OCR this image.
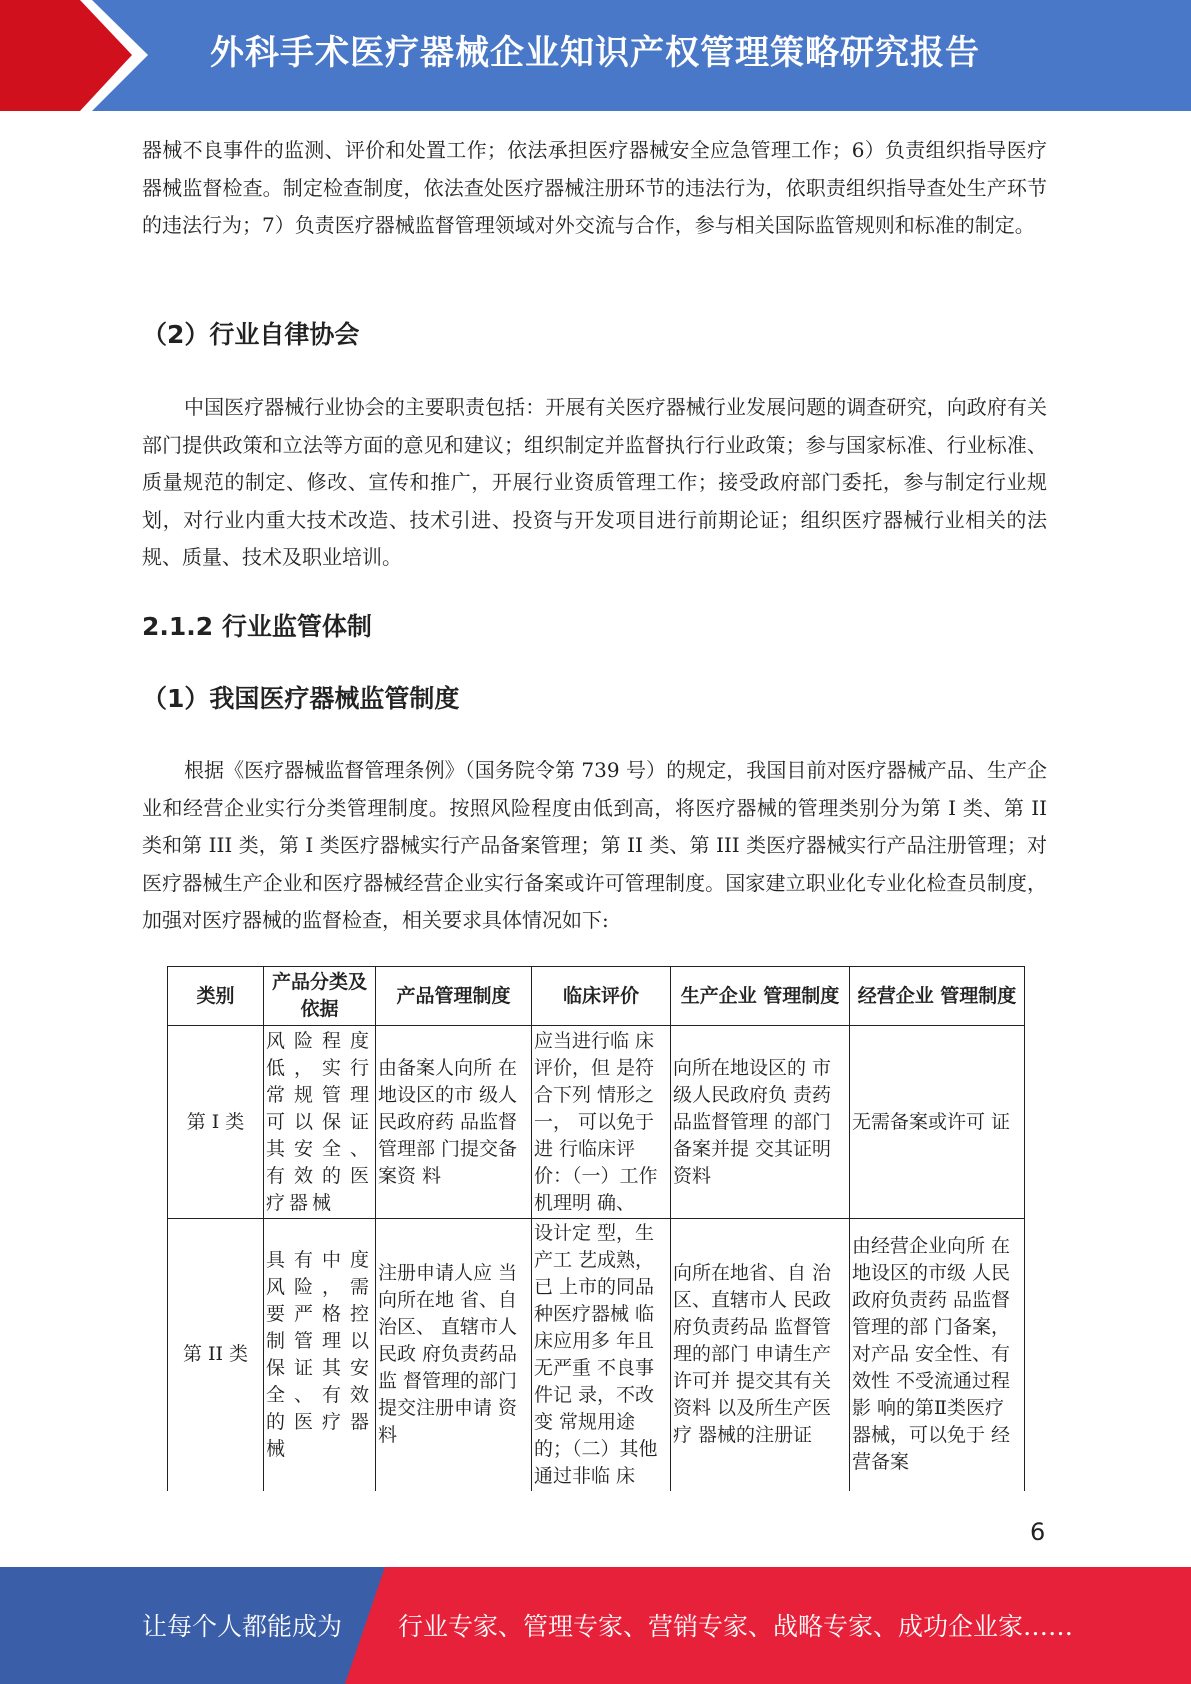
外科手术医疗器械企业知识产权管理策略研究报告

器械不良事件的监测、评价和处置工作；依法承担医疗器械安全应急管理工作；6）负责组织指导医疗器械监督检查。制定检查制度，依法查处医疗器械注册环节的违法行为，依职责组织指导查处生产环节的违法行为；7）负责医疗器械监督管理领域对外交流与合作，参与相关国际监管规则和标准的制定。

（2）行业自律协会

中国医疗器械行业协会的主要职责包括：开展有关医疗器械行业发展问题的调查研究，向政府有关部门提供政策和立法等方面的意见和建议；组织制定并监督执行行业政策；参与国家标准、行业标准、质量规范的制定、修改、宣传和推广，开展行业资质管理工作；接受政府部门委托，参与制定行业规划，对行业内重大技术改造、技术引进、投资与开发项目进行前期论证；组织医疗器械行业相关的法规、质量、技术及职业培训。

2.1.2 行业监管体制
（1）我国医疗器械监管制度

根据《医疗器械监督管理条例》（国务院令第 739 号）的规定，我国目前对医疗器械产品、生产企业和经营企业实行分类管理制度。按照风险程度由低到高，将医疗器械的管理类别分为第 I 类、第 II 类和第 III 类，第 I 类医疗器械实行产品备案管理；第 II 类、第 III 类医疗器械实行产品注册管理；对医疗器械生产企业和医疗器械经营企业实行备案或许可管理制度。国家建立职业化专业化检查员制度，加强对医疗器械的监督检查，相关要求具体情况如下:

类别	产品分类及依据	产品管理制度	临床评价	生产企业 管理制度	经营企业 管理制度
第 I 类	风险程度低，实行常规管理可以保证其安全、有效的医疗器械	由备案人向所 在地设区的市 级人民政府药 品监督管理部 门提交备案资 料	应当进行临 床评价，但 是符合下列 情形之一， 可以免于进 行临床评价：（一）工作机理明 确、	向所在地设区的 市级人民政府负 责药品监督管理 的部门备案并提 交其证明资料	无需备案或许可 证
第 II 类	具有中度风险，需要严格控制管理以保证其安全、有效的医疗器械	注册申请人应 当向所在地 省、自治区、 直辖市人民政 府负责药品监 督管理的部门提交注册申请 资料	设计定 型，生产工 艺成熟，已 上市的同品种医疗器械 临床应用多 年且无严重 不良事件记 录，不改变 常规用途的；（二）其他通过非临 床	向所在地省、自 治区、直辖市人 民政府负责药品 监督管理的部门 申请生产许可并 提交其有关资料 以及所生产医疗 器械的注册证	由经营企业向所 在地设区的市级 人民政府负责药 品监督管理的部 门备案，对产品 安全性、有效性 不受流通过程影 响的第Ⅱ类医疗器械，可以免于 经营备案
6
让每个人都能成为 行业专家、管理专家、营销专家、战略专家、成功企业家……
